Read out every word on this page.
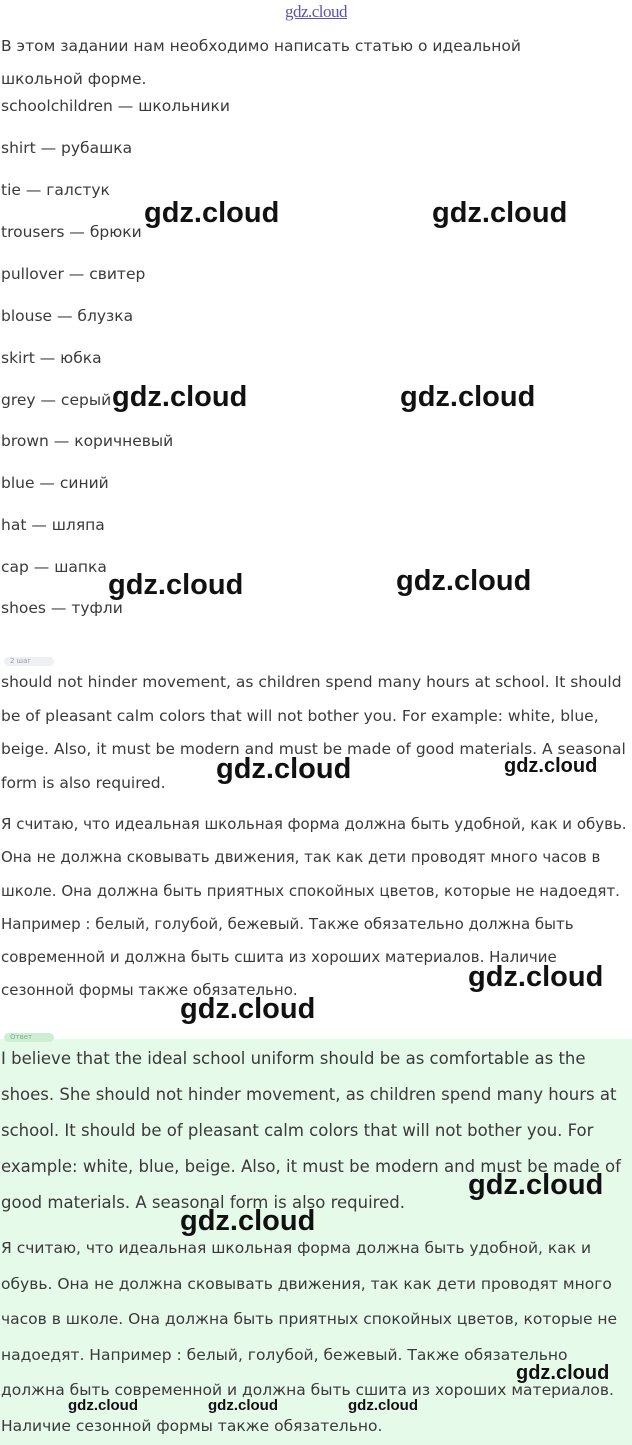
gdz.cloud
В этом задании нам необходимо написать статью о идеальной школьной форме.
schoolchildren — школьники
shirt — рубашка
tie — галстук
trousers — брюки
pullover — свитер
blouse — блузка
skirt — юбка
grey — серый
brown — коричневый
blue — синий
hat — шляпа
cap — шапка
shoes — туфли
2 шаг
should not hinder movement, as children spend many hours at school. It should be of pleasant calm colors that will not bother you. For example: white, blue, beige. Also, it must be modern and must be made of good materials. A seasonal form is also required.
Я считаю, что идеальная школьная форма должна быть удобной, как и обувь. Она не должна сковывать движения, так как дети проводят много часов в школе. Она должна быть приятных спокойных цветов, которые не надоедят. Например : белый, голубой, бежевый. Также обязательно должна быть современной и должна быть сшита из хороших материалов. Наличие сезонной формы также обязательно.
Ответ
I believe that the ideal school uniform should be as comfortable as the shoes. She should not hinder movement, as children spend many hours at school. It should be of pleasant calm colors that will not bother you. For example: white, blue, beige. Also, it must be modern and must be made of good materials. A seasonal form is also required.
Я считаю, что идеальная школьная форма должна быть удобной, как и обувь. Она не должна сковывать движения, так как дети проводят много часов в школе. Она должна быть приятных спокойных цветов, которые не надоедят. Например : белый, голубой, бежевый. Также обязательно должна быть современной и должна быть сшита из хороших материалов. Наличие сезонной формы также обязательно.
gdz.cloud	gdz.cloud
gdz.cloud	gdz.cloud
gdz.cloud	gdz.cloud
gdz.cloud	gdz.cloud
gdz.cloud
gdz.cloud
gdz.cloud
gdz.cloud
gdz.cloud
gdz.cloud	gdz.cloud	gdz.cloud
